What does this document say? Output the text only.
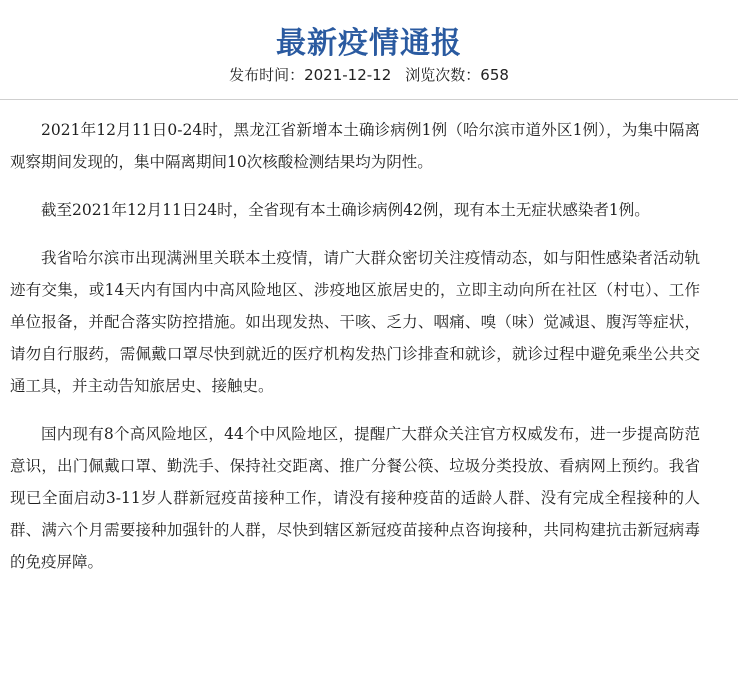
最新疫情通报
发布时间：2021-12-12 浏览次数：658

2021年12月11日0-24时，黑龙江省新增本土确诊病例1例（哈尔滨市道外区1例），为集中隔离观察期间发现的，集中隔离期间10次核酸检测结果均为阴性。

截至2021年12月11日24时，全省现有本土确诊病例42例，现有本土无症状感染者1例。

我省哈尔滨市出现满洲里关联本土疫情，请广大群众密切关注疫情动态，如与阳性感染者活动轨迹有交集，或14天内有国内中高风险地区、涉疫地区旅居史的，立即主动向所在社区（村屯）、工作单位报备，并配合落实防控措施。如出现发热、干咳、乏力、咽痛、嗅（味）觉减退、腹泻等症状，请勿自行服药，需佩戴口罩尽快到就近的医疗机构发热门诊排查和就诊，就诊过程中避免乘坐公共交通工具，并主动告知旅居史、接触史。

国内现有8个高风险地区，44个中风险地区，提醒广大群众关注官方权威发布，进一步提高防范意识，出门佩戴口罩、勤洗手、保持社交距离、推广分餐公筷、垃圾分类投放、看病网上预约。我省现已全面启动3-11岁人群新冠疫苗接种工作，请没有接种疫苗的适龄人群、没有完成全程接种的人群、满六个月需要接种加强针的人群，尽快到辖区新冠疫苗接种点咨询接种，共同构建抗击新冠病毒的免疫屏障。
